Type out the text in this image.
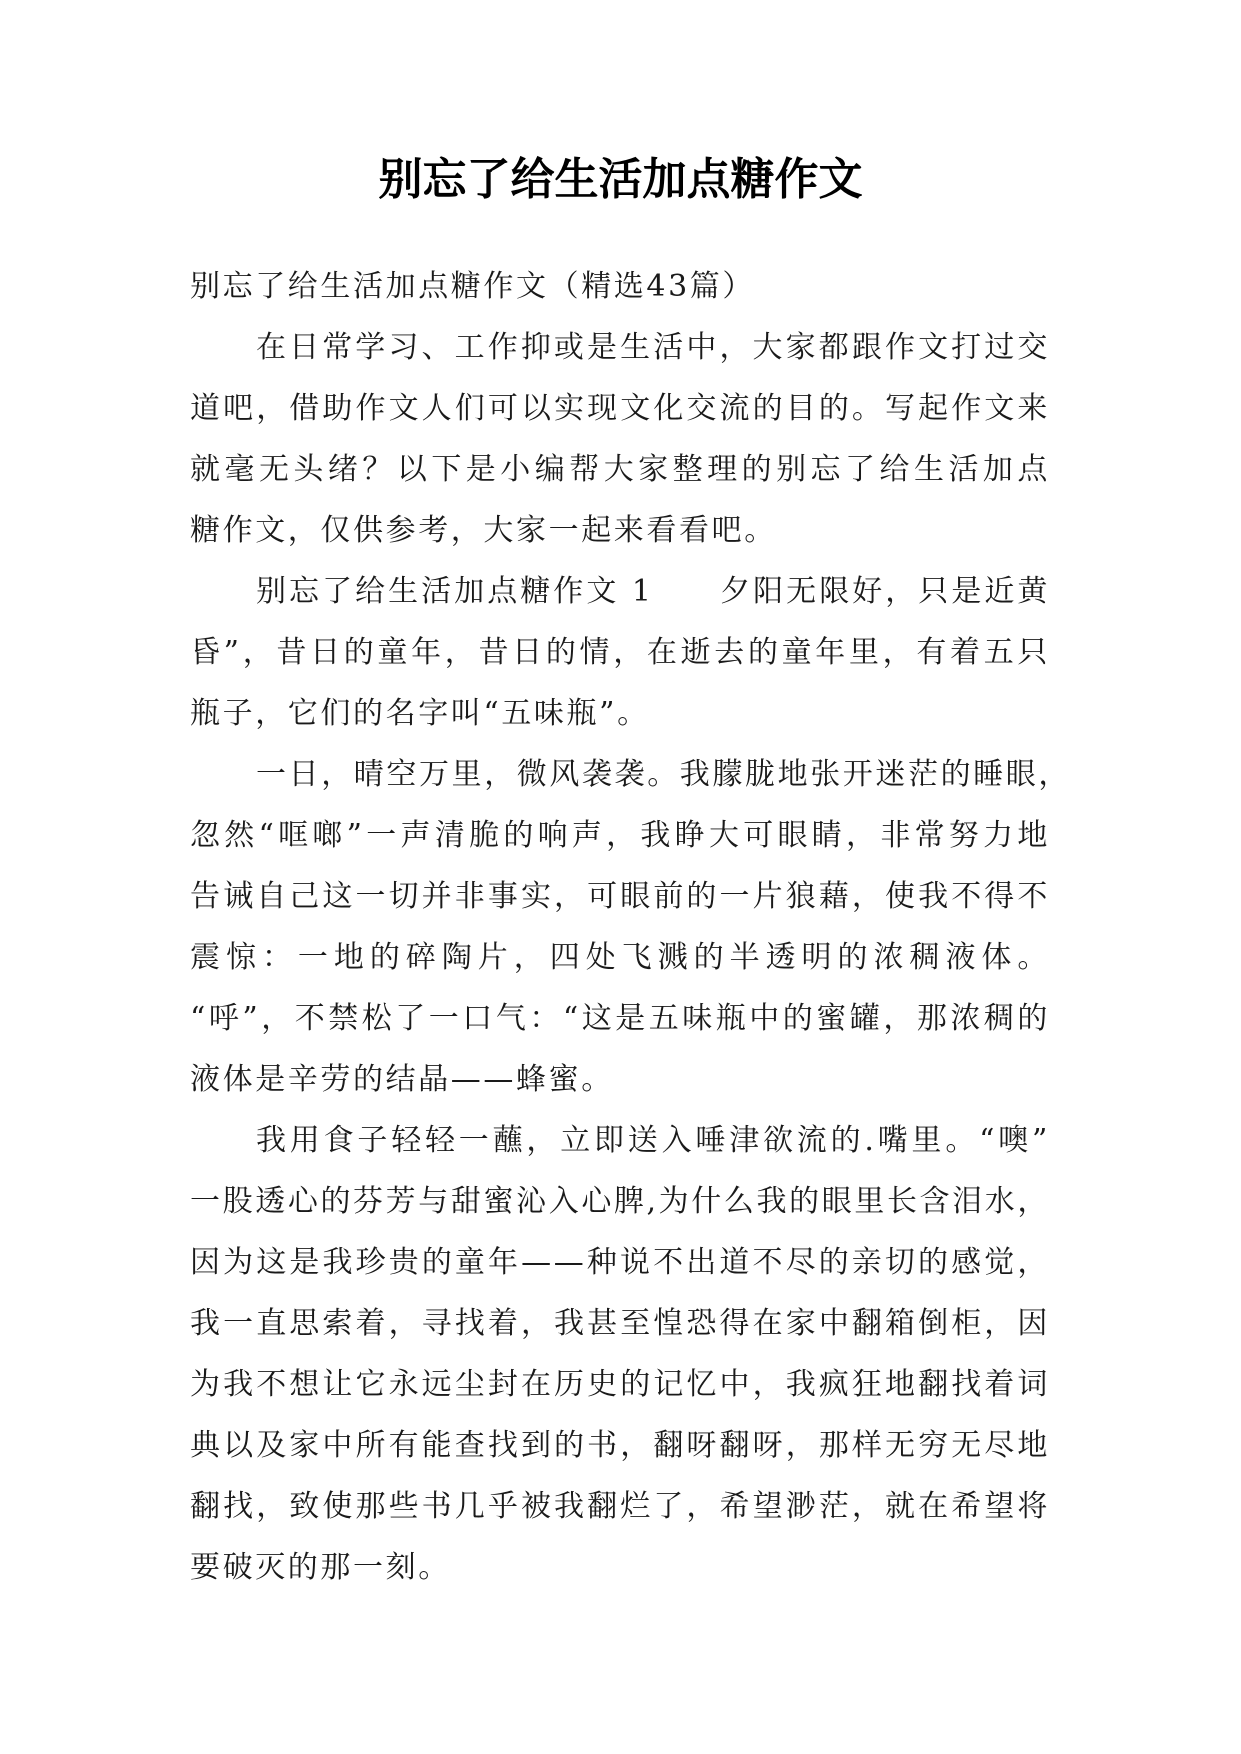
别忘了给生活加点糖作文
别忘了给生活加点糖作文（精选43篇）
在日常学习、工作抑或是生活中，大家都跟作文打过交
道吧，借助作文人们可以实现文化交流的目的。写起作文来
就毫无头绪？以下是小编帮大家整理的别忘了给生活加点
糖作文，仅供参考，大家一起来看看吧。
别忘了给生活加点糖作文 1　　夕阳无限好，只是近黄
昏”，昔日的童年，昔日的情，在逝去的童年里，有着五只
瓶子，它们的名字叫“五味瓶”。
一日，晴空万里，微风袭袭。我朦胧地张开迷茫的睡眼，
忽然“哐啷”一声清脆的响声，我睁大可眼睛，非常努力地
告诫自己这一切并非事实，可眼前的一片狼藉，使我不得不
震惊：一地的碎陶片，四处飞溅的半透明的浓稠液体。
“呼”，不禁松了一口气：“这是五味瓶中的蜜罐，那浓稠的
液体是辛劳的结晶——蜂蜜。
我用食子轻轻一蘸，立即送入唾津欲流的.嘴里。“噢”
一股透心的芬芳与甜蜜沁入心脾,为什么我的眼里长含泪水，
因为这是我珍贵的童年——种说不出道不尽的亲切的感觉，
我一直思索着，寻找着，我甚至惶恐得在家中翻箱倒柜，因
为我不想让它永远尘封在历史的记忆中，我疯狂地翻找着词
典以及家中所有能查找到的书，翻呀翻呀，那样无穷无尽地
翻找，致使那些书几乎被我翻烂了，希望渺茫，就在希望将
要破灭的那一刻。
